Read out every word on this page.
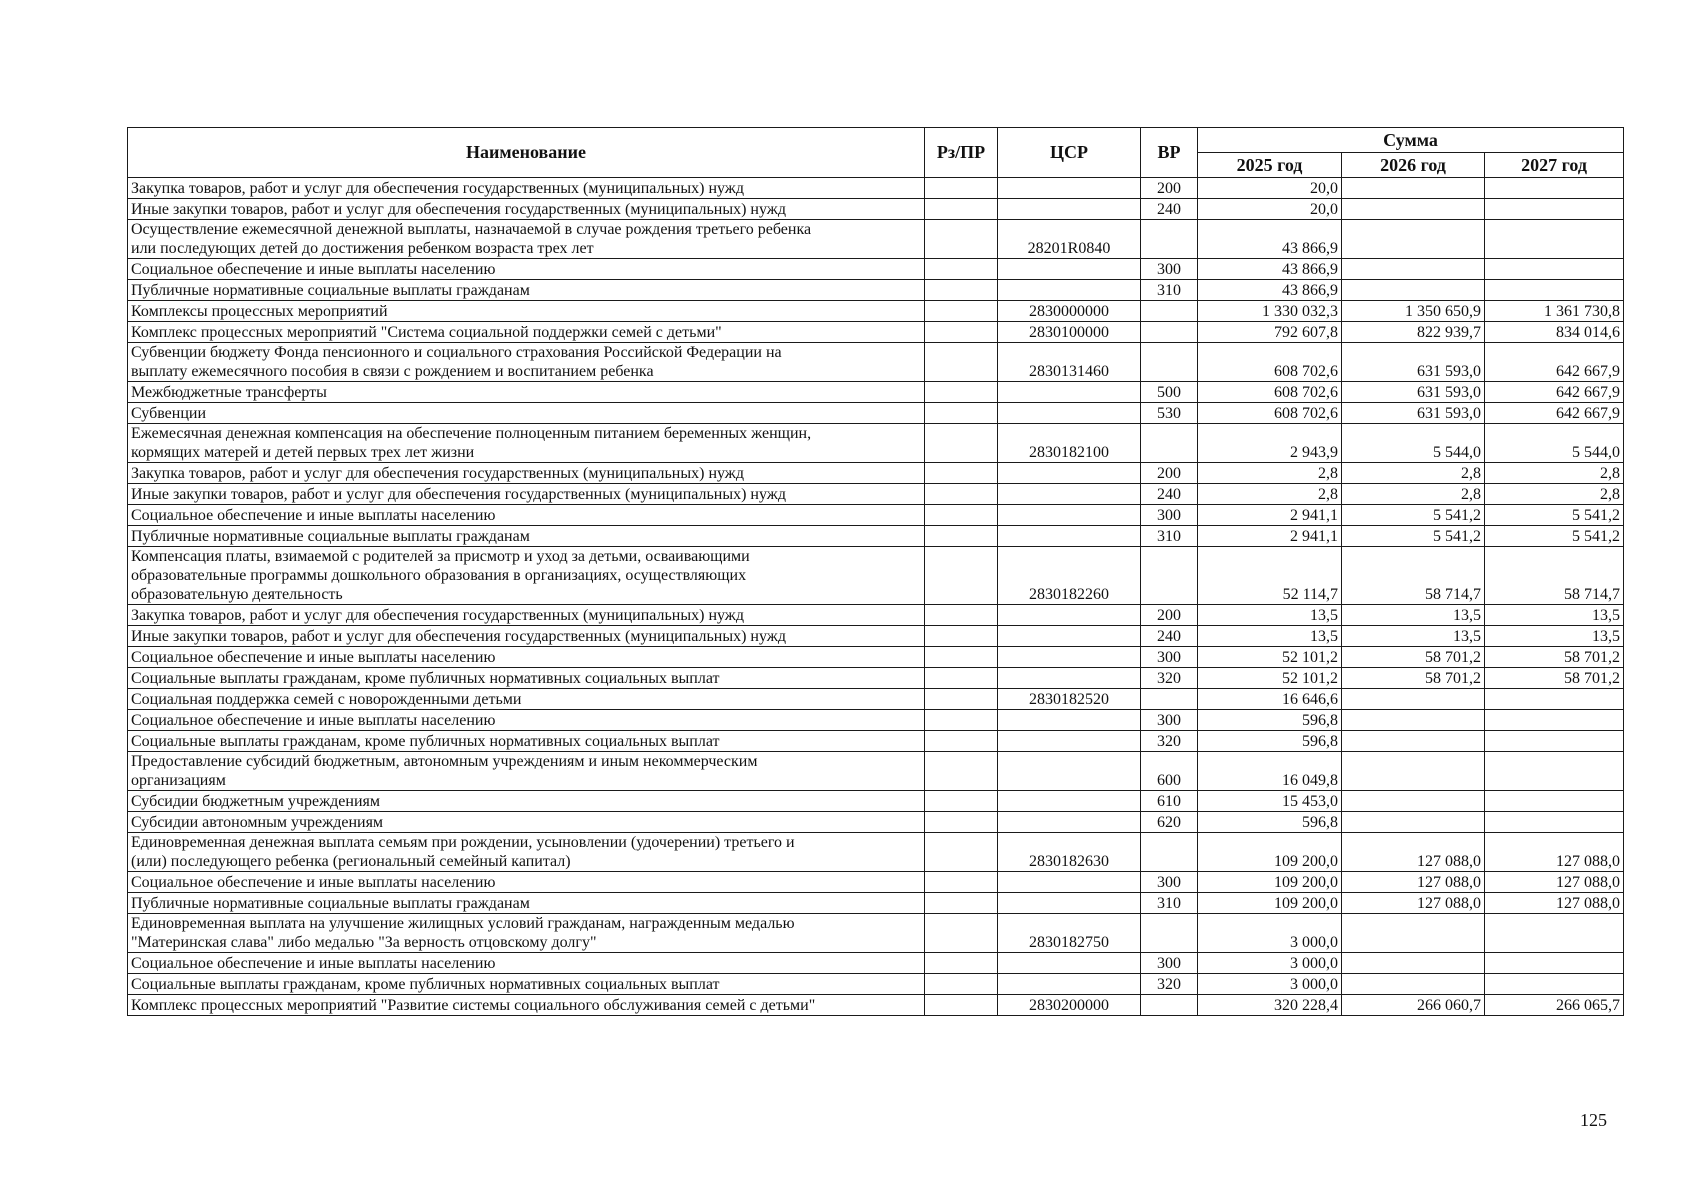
Наименование	Рз/ПР	ЦСР	ВР	Сумма		
				2025 год	2026 год	2027 год
Закупка товаров, работ и услуг для обеспечения государственных (муниципальных) нужд			200	20,0		
Иные закупки товаров, работ и услуг для обеспечения государственных (муниципальных) нужд			240	20,0		
Осуществление ежемесячной денежной выплаты, назначаемой в случае рождения третьего ребенка
или последующих детей до достижения ребенком возраста трех лет		28201R0840		43 866,9		
Социальное обеспечение и иные выплаты населению			300	43 866,9		
Публичные нормативные социальные выплаты гражданам			310	43 866,9		
Комплексы процессных мероприятий		2830000000		1 330 032,3	1 350 650,9	1 361 730,8
Комплекс процессных мероприятий "Система социальной поддержки семей с детьми"		2830100000		792 607,8	822 939,7	834 014,6
Субвенции бюджету Фонда пенсионного и социального страхования Российской Федерации на
выплату ежемесячного пособия в связи с рождением и воспитанием ребенка		2830131460		608 702,6	631 593,0	642 667,9
Межбюджетные трансферты			500	608 702,6	631 593,0	642 667,9
Субвенции			530	608 702,6	631 593,0	642 667,9
Ежемесячная денежная компенсация на обеспечение полноценным питанием беременных женщин,
кормящих матерей и детей первых трех лет жизни		2830182100		2 943,9	5 544,0	5 544,0
Закупка товаров, работ и услуг для обеспечения государственных (муниципальных) нужд			200	2,8	2,8	2,8
Иные закупки товаров, работ и услуг для обеспечения государственных (муниципальных) нужд			240	2,8	2,8	2,8
Социальное обеспечение и иные выплаты населению			300	2 941,1	5 541,2	5 541,2
Публичные нормативные социальные выплаты гражданам			310	2 941,1	5 541,2	5 541,2
Компенсация платы, взимаемой с родителей за присмотр и уход за детьми, осваивающими
образовательные программы дошкольного образования в организациях, осуществляющих
образовательную деятельность		2830182260		52 114,7	58 714,7	58 714,7
Закупка товаров, работ и услуг для обеспечения государственных (муниципальных) нужд			200	13,5	13,5	13,5
Иные закупки товаров, работ и услуг для обеспечения государственных (муниципальных) нужд			240	13,5	13,5	13,5
Социальное обеспечение и иные выплаты населению			300	52 101,2	58 701,2	58 701,2
Социальные выплаты гражданам, кроме публичных нормативных социальных выплат			320	52 101,2	58 701,2	58 701,2
Социальная поддержка семей с новорожденными детьми		2830182520		16 646,6		
Социальное обеспечение и иные выплаты населению			300	596,8		
Социальные выплаты гражданам, кроме публичных нормативных социальных выплат			320	596,8		
Предоставление субсидий бюджетным, автономным учреждениям и иным некоммерческим
организациям			600	16 049,8		
Субсидии бюджетным учреждениям			610	15 453,0		
Субсидии автономным учреждениям			620	596,8		
Единовременная денежная выплата семьям при рождении, усыновлении (удочерении) третьего и
(или) последующего ребенка (региональный семейный капитал)		2830182630		109 200,0	127 088,0	127 088,0
Социальное обеспечение и иные выплаты населению			300	109 200,0	127 088,0	127 088,0
Публичные нормативные социальные выплаты гражданам			310	109 200,0	127 088,0	127 088,0
Единовременная выплата на улучшение жилищных условий гражданам, награжденным медалью
"Материнская слава" либо медалью "За верность отцовскому долгу"		2830182750		3 000,0		
Социальное обеспечение и иные выплаты населению			300	3 000,0		
Социальные выплаты гражданам, кроме публичных нормативных социальных выплат			320	3 000,0		
Комплекс процессных мероприятий "Развитие системы социального обслуживания семей с детьми"		2830200000		320 228,4	266 060,7	266 065,7
125
